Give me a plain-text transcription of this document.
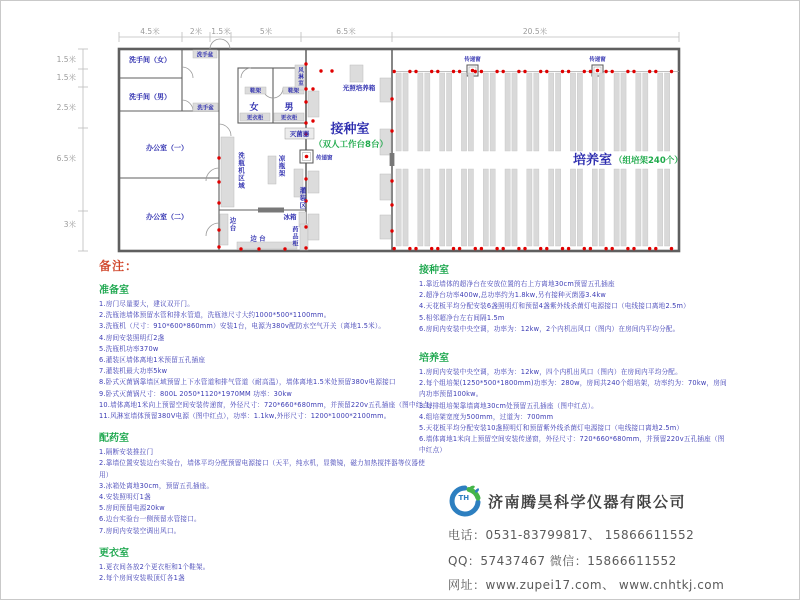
4.5米	2米 1.5米	5米	6.5米	20.5米
1.5米
1.5米
2.5米
6.5米
3米
洗手间（女）
洗手间（男）
办公室（一）
办公室（二）
女	男
洗手盆
洗手盆
鞋架	鞋架
更衣柜	更衣柜
风淋室
灭菌器
洗瓶机区域	凉瓶架
灌装区
冰箱
边台
边 台	药品柜
传递窗
传递窗	传递窗
光照培养箱
接种室
（双人工作台8台）
培养室 （组培架240个）
备注：
准备室
1.房门尽量要大，建议双开门。
2.洗瓶池墙体预留水管和排水管道，洗瓶池尺寸大约1000*500*1100mm。
3.洗瓶机（尺寸：910*600*860mm）安装1台，电源为380v配防水空气开关（离地1.5米）。
4.房间安装照明灯2盏
5.洗瓶机功率370w
6.灌装区墙体离地1米预留五孔插座
7.灌装机最大功率5kw
8.卧式灭菌锅靠墙区域预留上下水管道和排气管道（耐高温），墙体离地1.5米处预留380v电源接口
9.卧式灭菌锅尺寸：800L 2050*1120*1970MM 功率：30kw
10.墙体离地1米向上预留空间安装传递窗，外径尺寸：720*660*680mm，并预留220v五孔插座（图中红点）
11.风淋室墙体预留380V电源（图中红点），功率：1.1kw,外形尺寸：1200*1000*2100mm。
配药室
1.隔断安装推拉门
2.靠墙位置安装边台实验台，墙体平均分配预留电源接口（天平，纯水机，显微镜，磁力加热搅拌器等仪器使用）
3.冰箱处离地30cm，预留五孔插座。
4.安装照明灯1盏
5.房间预留电源20kw
6.边台实验台一侧预留水管接口。
7.房间内安装空调出风口。
更衣室
1.更衣间各放2个更衣柜和1个鞋架。
2.每个房间安装吸顶灯各1盏
接种室
1.靠近墙体的超净台在安放位置的右上方离地30cm预留五孔插座
2.超净台功率400w,总功率约为1.8kw,另有接种灭菌器3.4kw
4.天花板平均分配安装6盏照明灯和预留4盏紫外线杀菌灯电源接口（电线接口离地2.5m）
5.相邻超净台左右间隔1.5m
6.房间内安装中央空调，功率为：12kw，2个内机出风口（图内）在房间内平均分配。
培养室
1.房间内安装中央空调，功率为：12kw，四个内机出风口（图内）在房间内平均分配。
2.每个组培架(1250*500*1800mm)功率为：280w，房间共240个组培架，功率约为：70kw，房间内功率预留100kw。
3.每排组培架靠墙离地30cm处预留五孔插座（图中红点）。
4.组培架宽度为500mm，过道为：700mm
5.天花板平均分配安装10盏照明灯和预留紫外线杀菌灯电源接口（电线接口离地2.5m）
6.墙体离地1米向上预留空间安装传递窗，外径尺寸：720*660*680mm，并预留220v五孔插座（图中红点）
TH 济南腾昊科学仪器有限公司
电话：0531-83799817、 15866611552
QQ：57437467 微信：15866611552
网址：www.zupei17.com、 www.cnhtkj.com
